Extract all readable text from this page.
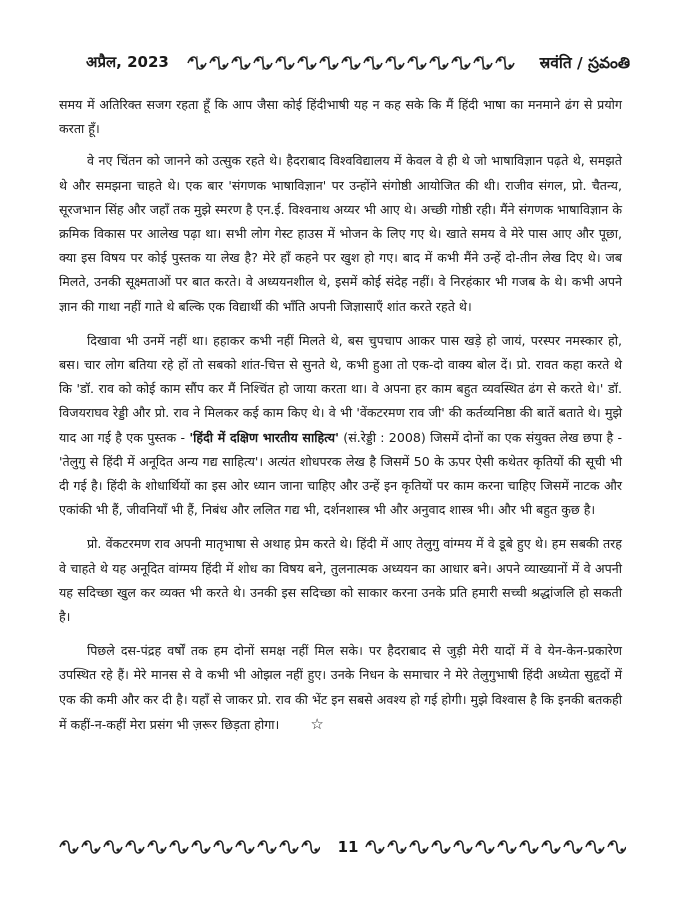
अप्रैल, 2023	स्रवंति / స్రవంతి

समय में अतिरिक्त सजग रहता हूँ कि आप जैसा कोई हिंदीभाषी यह न कह सके कि मैं हिंदी भाषा का मनमाने ढंग से प्रयोग करता हूँ।

वे नए चिंतन को जानने को उत्सुक रहते थे। हैदराबाद विश्वविद्यालय में केवल वे ही थे जो भाषाविज्ञान पढ़ते थे, समझते थे और समझना चाहते थे। एक बार 'संगणक भाषाविज्ञान' पर उन्होंने संगोष्ठी आयोजित की थी। राजीव संगल, प्रो. चैतन्य, सूरजभान सिंह और जहाँ तक मुझे स्मरण है एन.ई. विश्वनाथ अय्यर भी आए थे। अच्छी गोष्ठी रही। मैंने संगणक भाषाविज्ञान के क्रमिक विकास पर आलेख पढ़ा था। सभी लोग गेस्ट हाउस में भोजन के लिए गए थे। खाते समय वे मेरे पास आए और पूछा, क्या इस विषय पर कोई पुस्तक या लेख है? मेरे हाँ कहने पर खुश हो गए। बाद में कभी मैंने उन्हें दो-तीन लेख दिए थे। जब मिलते, उनकी सूक्ष्मताओं पर बात करते। वे अध्ययनशील थे, इसमें कोई संदेह नहीं। वे निरहंकार भी गजब के थे। कभी अपने ज्ञान की गाथा नहीं गाते थे बल्कि एक विद्यार्थी की भाँति अपनी जिज्ञासाएँ शांत करते रहते थे।

दिखावा भी उनमें नहीं था। हहाकर कभी नहीं मिलते थे, बस चुपचाप आकर पास खड़े हो जायं, परस्पर नमस्कार हो, बस। चार लोग बतिया रहे हों तो सबको शांत-चित्त से सुनते थे, कभी हुआ तो एक-दो वाक्य बोल दें। प्रो. रावत कहा करते थे कि 'डॉ. राव को कोई काम सौंप कर मैं निश्चिंत हो जाया करता था। वे अपना हर काम बहुत व्यवस्थित ढंग से करते थे।' डॉ. विजयराघव रेड्डी और प्रो. राव ने मिलकर कई काम किए थे। वे भी 'वेंकटरमण राव जी' की कर्तव्यनिष्ठा की बातें बताते थे। मुझे याद आ गई है एक पुस्तक - 'हिंदी में दक्षिण भारतीय साहित्य' (सं.रेड्डी : 2008) जिसमें दोनों का एक संयुक्त लेख छपा है - 'तेलुगु से हिंदी में अनूदित अन्य गद्य साहित्य'। अत्यंत शोधपरक लेख है जिसमें 50 के ऊपर ऐसी कथेतर कृतियों की सूची भी दी गई है। हिंदी के शोधार्थियों का इस ओर ध्यान जाना चाहिए और उन्हें इन कृतियों पर काम करना चाहिए जिसमें नाटक और एकांकी भी हैं, जीवनियाँ भी हैं, निबंध और ललित गद्य भी, दर्शनशास्त्र भी और अनुवाद शास्त्र भी। और भी बहुत कुछ है।

प्रो. वेंकटरमण राव अपनी मातृभाषा से अथाह प्रेम करते थे। हिंदी में आए तेलुगु वांग्मय में वे डूबे हुए थे। हम सबकी तरह वे चाहते थे यह अनूदित वांग्मय हिंदी में शोध का विषय बने, तुलनात्मक अध्ययन का आधार बने। अपने व्याख्यानों में वे अपनी यह सदिच्छा खुल कर व्यक्त भी करते थे। उनकी इस सदिच्छा को साकार करना उनके प्रति हमारी सच्ची श्रद्धांजलि हो सकती है।

पिछले दस-पंद्रह वर्षों तक हम दोनों समक्ष नहीं मिल सके। पर हैदराबाद से जुड़ी मेरी यादों में वे येन-केन-प्रकारेण उपस्थित रहे हैं। मेरे मानस से वे कभी भी ओझल नहीं हुए। उनके निधन के समाचार ने मेरे तेलुगुभाषी हिंदी अध्येता सुहृदों में एक की कमी और कर दी है। यहाँ से जाकर प्रो. राव की भेंट इन सबसे अवश्य हो गई होगी। मुझे विश्वास है कि इनकी बतकही में कहीं-न-कहीं मेरा प्रसंग भी ज़रूर छिड़ता होगा। ☆

11
